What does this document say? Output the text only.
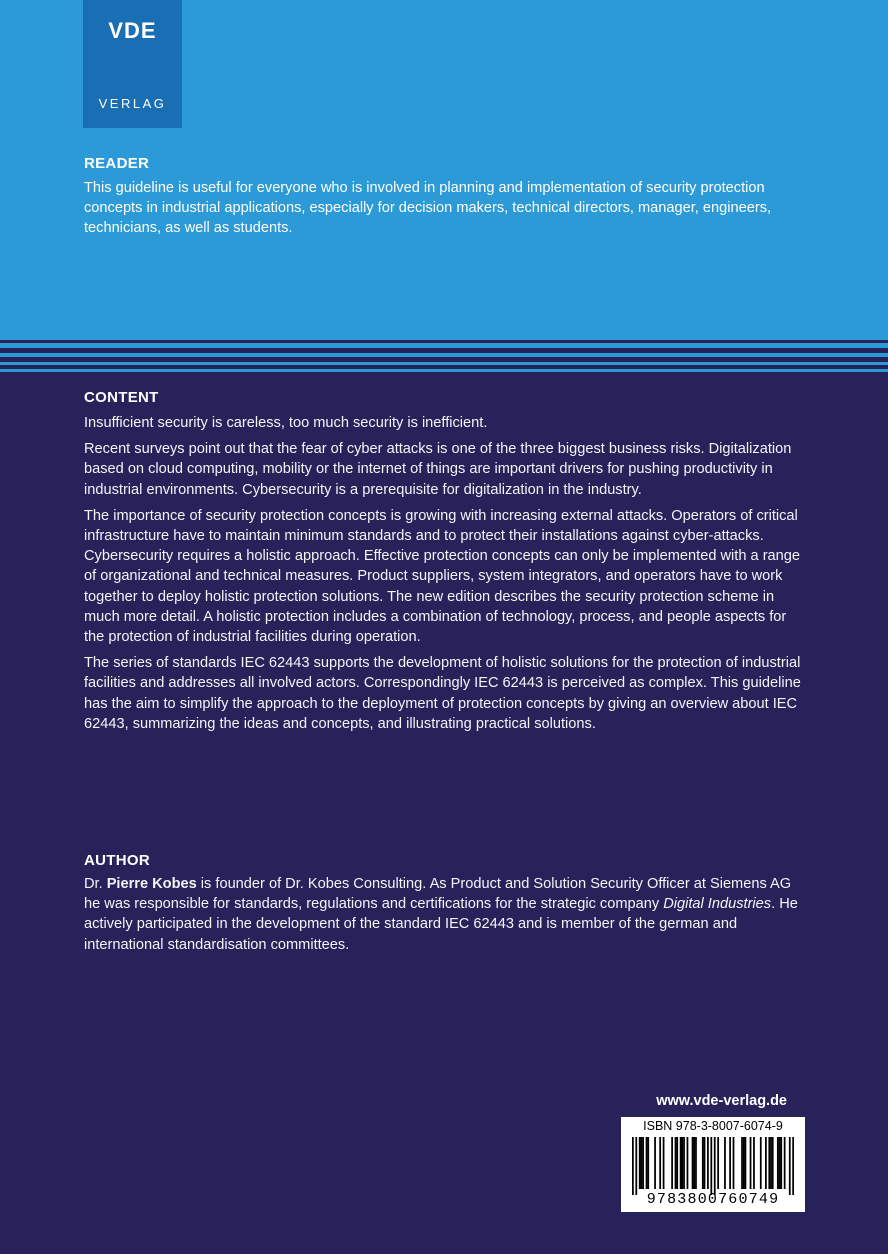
VDE
VERLAG
READER
This guideline is useful for everyone who is involved in planning and implementation of security protection concepts in industrial applications, especially for decision makers, technical directors, manager, engineers, technicians, as well as students.
CONTENT
Insufficient security is careless, too much security is inefficient.
Recent surveys point out that the fear of cyber attacks is one of the three biggest business risks. Digitalization based on cloud computing, mobility or the internet of things are important drivers for pushing productivity in industrial environments. Cybersecurity is a prerequisite for digitalization in the industry.
The importance of security protection concepts is growing with increasing external attacks. Operators of critical infrastructure have to maintain minimum standards and to protect their installations against cyber-attacks. Cybersecurity requires a holistic approach. Effective protection concepts can only be implemented with a range of organizational and technical measures. Product suppliers, system integrators, and operators have to work together to deploy holistic protection solutions. The new edition describes the security protection scheme in much more detail. A holistic protection includes a combination of technology, process, and people aspects for the protection of industrial facilities during operation.
The series of standards IEC 62443 supports the development of holistic solutions for the protection of industrial facilities and addresses all involved actors. Correspondingly IEC 62443 is perceived as complex. This guideline has the aim to simplify the approach to the deployment of protection concepts by giving an overview about IEC 62443, summarizing the ideas and concepts, and illustrating practical solutions.
AUTHOR
Dr. Pierre Kobes is founder of Dr. Kobes Consulting. As Product and Solution Security Officer at Siemens AG he was responsible for standards, regulations and certifications for the strategic company Digital Industries. He actively participated in the development of the standard IEC 62443 and is member of the german and international standardisation committees.
www.vde-verlag.de
ISBN 978-3-8007-6074-9
9783800760749
